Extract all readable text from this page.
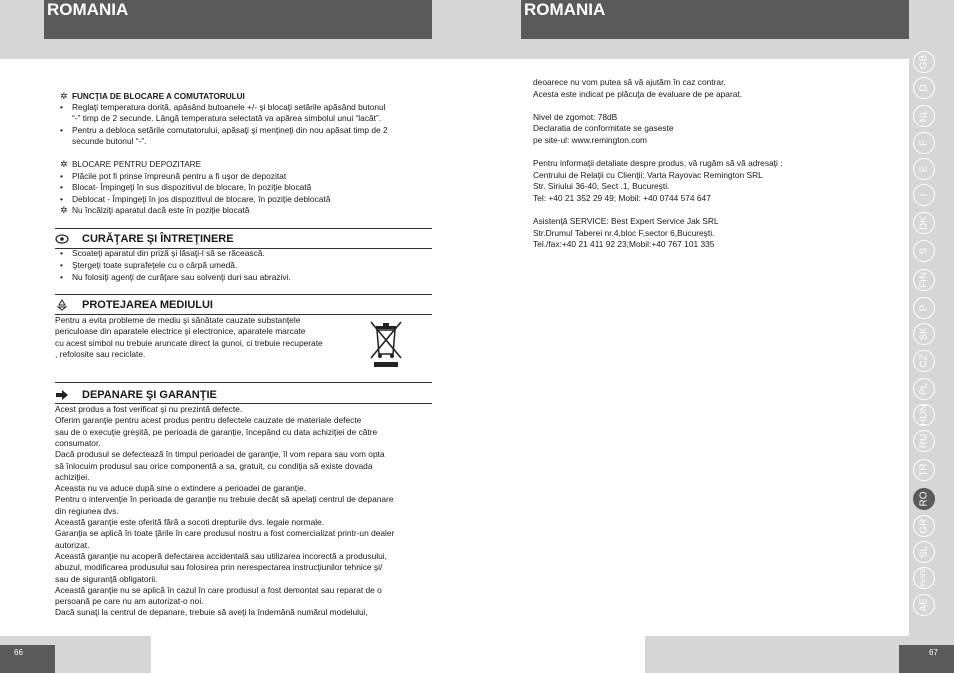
ROMANIA	ROMANIA
66	67
GB
D
NL
F
E
I
DK
S
FIN
P
SK
CZ
PL
HUN
RU
TR
RO
GR
SL
HR/SRB
AE
✲ FUNCŢIA DE BLOCARE A COMUTATORULUI
• Reglaţi temperatura dorită, apăsând butoanele +/- şi blocaţi setările apăsând butonul
“-” timp de 2 secunde. Lângă temperatura selectată va apărea simbolul unui “lacăt”.
• Pentru a debloca setările comutatorului, apăsaţi şi menţineţi din nou apăsat timp de 2
secunde butonul “-”.
✲ BLOCARE PENTRU DEPOZITARE
• Plăcile pot fi prinse împreună pentru a fi uşor de depozitat
• Blocat- Împingeţi în sus dispozitivul de blocare, în poziţie blocată
• Deblocat - Împingeţi în jos dispozitivul de blocare, în poziţie deblocată
✲ Nu încălziţi aparatul dacă este în poziţie blocată
CURĂŢARE ŞI ÎNTREŢINERE
• Scoateţi aparatul din priză şi lăsaţi-l să se răcească.
• Ştergeţi toate suprafeţele cu o cârpă umedă.
• Nu folosiţi agenţi de curăţare sau solvenţi duri sau abrazivi.
PROTEJAREA MEDIULUI
Pentru a evita probleme de mediu şi sănătate cauzate substanţele
periculoase din aparatele electrice şi electronice, aparatele marcate
cu acest simbol nu trebuie aruncate direct la gunoi, ci trebuie recuperate
, refolosite sau reciclate.
DEPANARE ŞI GARANŢIE
Acest produs a fost verificat şi nu prezintă defecte.
Oferim garanţie pentru acest produs pentru defectele cauzate de materiale defecte
sau de o execuţie greşită, pe perioada de garanţie, începând cu data achiziţiei de către
consumator.
Dacă produsul se defectează în timpul perioadei de garanţie, îl vom repara sau vom opta
să înlocuim produsul sau orice componentă a sa, gratuit, cu condiţia să existe dovada
achiziţiei.
Aceasta nu va aduce după sine o extindere a perioadei de garanţie.
Pentru o intervenţie în perioada de garanţie nu trebuie decât să apelaţi centrul de depanare
din regiunea dvs.
Această garanţie este oferită fără a socoti drepturile dvs. legale normale.
Garanţia se aplică în toate ţările în care produsul nostru a fost comercializat printr-un dealer
autorizat.
Această garanţie nu acoperă defectarea accidentală sau utilizarea incorectă a produsului,
abuzul, modificarea produsului sau folosirea prin nerespectarea instrucţiunilor tehnice şi/
sau de siguranţă obligatorii.
Această garanţie nu se aplică în cazul în care produsul a fost demontat sau reparat de o
persoană pe care nu am autorizat-o noi.
Dacă sunaţi la centrul de depanare, trebuie să aveţi la îndemână numărul modelului,
deoarece nu vom putea să vă ajutăm în caz contrar.
Acesta este indicat pe plăcuţa de evaluare de pe aparat.
Nivel de zgomot: 78dB
Declaratia de conformitate se gaseste
pe site-ul: www.remington.com
Pentru informaţii detaliate despre produs, vă rugăm să vă adresaţi :
Centrului de Relaţii cu Clienţii: Varta Rayovac Remington SRL
Str. Siriului 36-40, Sect .1, Bucureşti.
Tel: +40 21 352 29 49; Mobil: +40 0744 574 647
Asistenţă SERVICE: Best Expert Service Jak SRL
Str.Drumul Taberei nr.4,bloc F,sector 6,Bucureşti.
Tel./fax:+40 21 411 92 23;Mobil:+40 767 101 335
